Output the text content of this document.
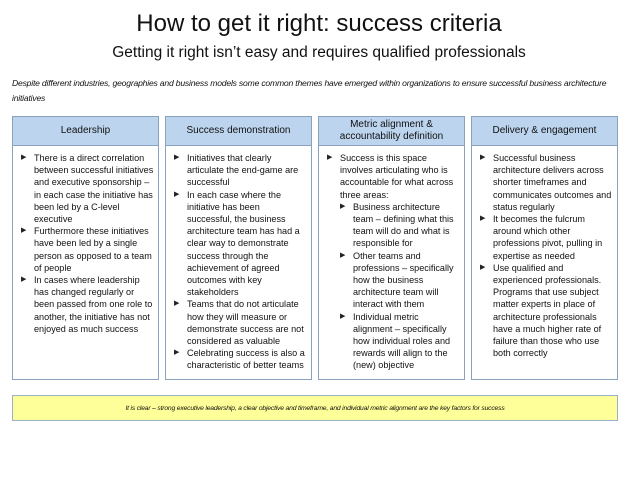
How to get it right: success criteria
Getting it right isn’t easy and requires qualified professionals
Despite different industries, geographies and business models some common themes have emerged within organizations to ensure successful business architecture initiatives
Leadership
▶ There is a direct correlation between successful initiatives and executive sponsorship – in each case the initiative has been led by a C-level executive
▶ Furthermore these initiatives have been led by a single person as opposed to a team of people
▶ In cases where leadership has changed regularly or been passed from one role to another, the initiative has not enjoyed as much success
Success demonstration
▶ Initiatives that clearly articulate the end-game are successful
▶ In each case where the initiative has been successful, the business architecture team has had a clear way to demonstrate success through the achievement of agreed outcomes with key stakeholders
▶ Teams that do not articulate how they will measure or demonstrate success are not considered as valuable
▶ Celebrating success is also a characteristic of better teams
Metric alignment & accountability definition
▶ Success is this space involves articulating who is accountable for what across three areas:
▶ Business architecture team – defining what this team will do and what is responsible for
▶ Other teams and professions – specifically how the business architecture team will interact with them
▶ Individual metric alignment – specifically how individual roles and rewards will align to the (new) objective
Delivery & engagement
▶ Successful business architecture delivers across shorter timeframes and communicates outcomes and status regularly
▶ It becomes the fulcrum around which other professions pivot, pulling in expertise as needed
▶ Use qualified and experienced professionals. Programs that use subject matter experts in place of architecture professionals have a much higher rate of failure than those who use both correctly
It is clear – strong executive leadership, a clear objective and timeframe, and individual metric alignment are the key factors for success
